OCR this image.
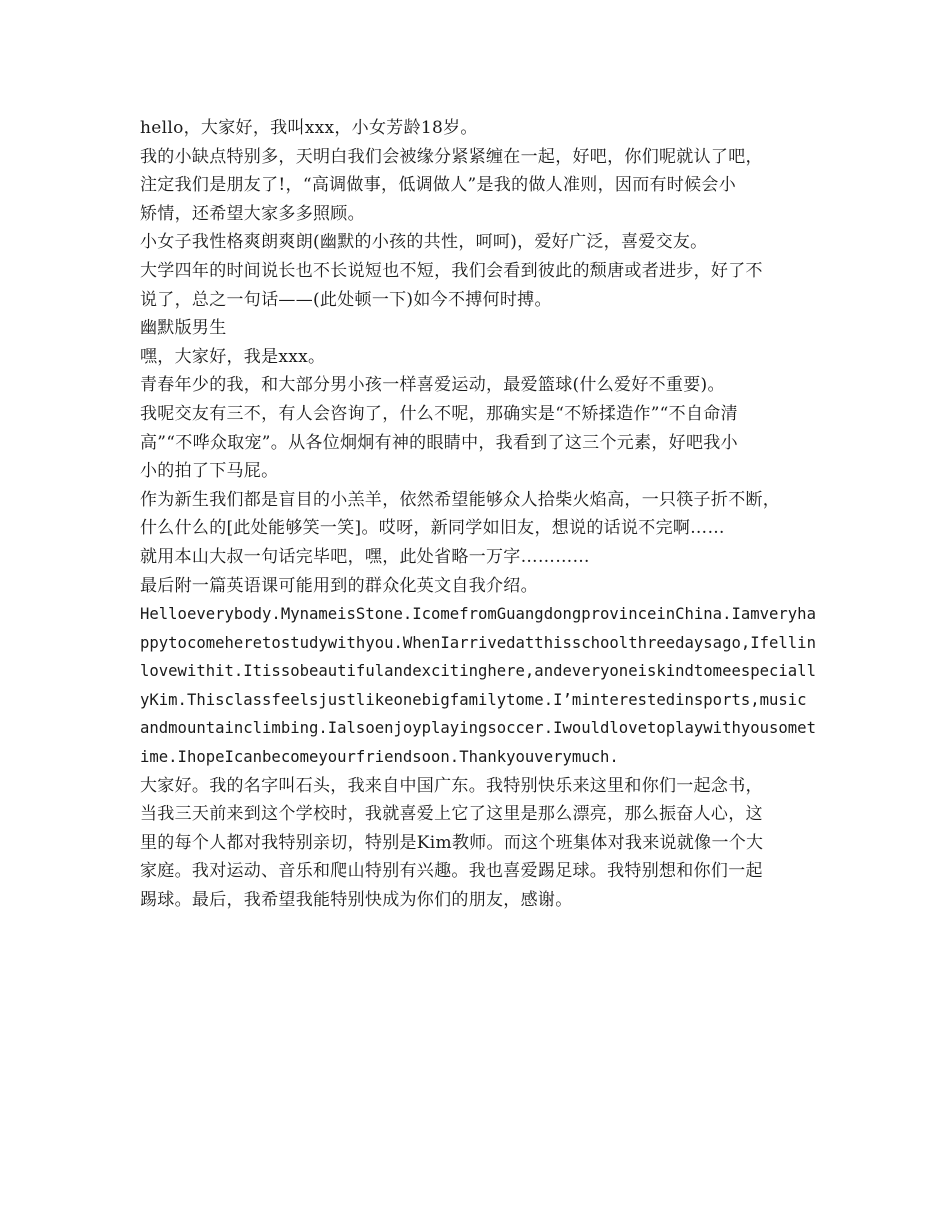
hello，大家好，我叫xxx，小女芳龄18岁。
我的小缺点特别多，天明白我们会被缘分紧紧缠在一起，好吧，你们呢就认了吧，
注定我们是朋友了!，“高调做事，低调做人”是我的做人准则，因而有时候会小
矫情，还希望大家多多照顾。
小女子我性格爽朗爽朗(幽默的小孩的共性，呵呵)，爱好广泛，喜爱交友。
大学四年的时间说长也不长说短也不短，我们会看到彼此的颓唐或者进步，好了不
说了，总之一句话——(此处顿一下)如今不搏何时搏。
幽默版男生
嘿，大家好，我是xxx。
青春年少的我，和大部分男小孩一样喜爱运动，最爱篮球(什么爱好不重要)。
我呢交友有三不，有人会咨询了，什么不呢，那确实是“不矫揉造作”“不自命清
高”“不哗众取宠”。从各位炯炯有神的眼睛中，我看到了这三个元素，好吧我小
小的拍了下马屁。
作为新生我们都是盲目的小羔羊，依然希望能够众人拾柴火焰高，一只筷子折不断，
什么什么的[此处能够笑一笑]。哎呀，新同学如旧友，想说的话说不完啊……
就用本山大叔一句话完毕吧，嘿，此处省略一万字…………
最后附一篇英语课可能用到的群众化英文自我介绍。
Helloeverybody.MynameisStone.IcomefromGuangdongprovinceinChina.Iamveryha
ppytocomeheretostudywithyou.WhenIarrivedatthisschoolthreedaysago,Ifellin
lovewithit.Itissobeautifulandexcitinghere,andeveryoneiskindtomeespeciall
yKim.Thisclassfeelsjustlikeonebigfamilytome.I’minterestedinsports,music
andmountainclimbing.Ialsoenjoyplayingsoccer.Iwouldlovetoplaywithyousomet
ime.IhopeIcanbecomeyourfriendsoon.Thankyouverymuch.
大家好。我的名字叫石头，我来自中国广东。我特别快乐来这里和你们一起念书，
当我三天前来到这个学校时，我就喜爱上它了这里是那么漂亮，那么振奋人心，这
里的每个人都对我特别亲切，特别是Kim教师。而这个班集体对我来说就像一个大
家庭。我对运动、音乐和爬山特别有兴趣。我也喜爱踢足球。我特别想和你们一起
踢球。最后，我希望我能特别快成为你们的朋友，感谢。
